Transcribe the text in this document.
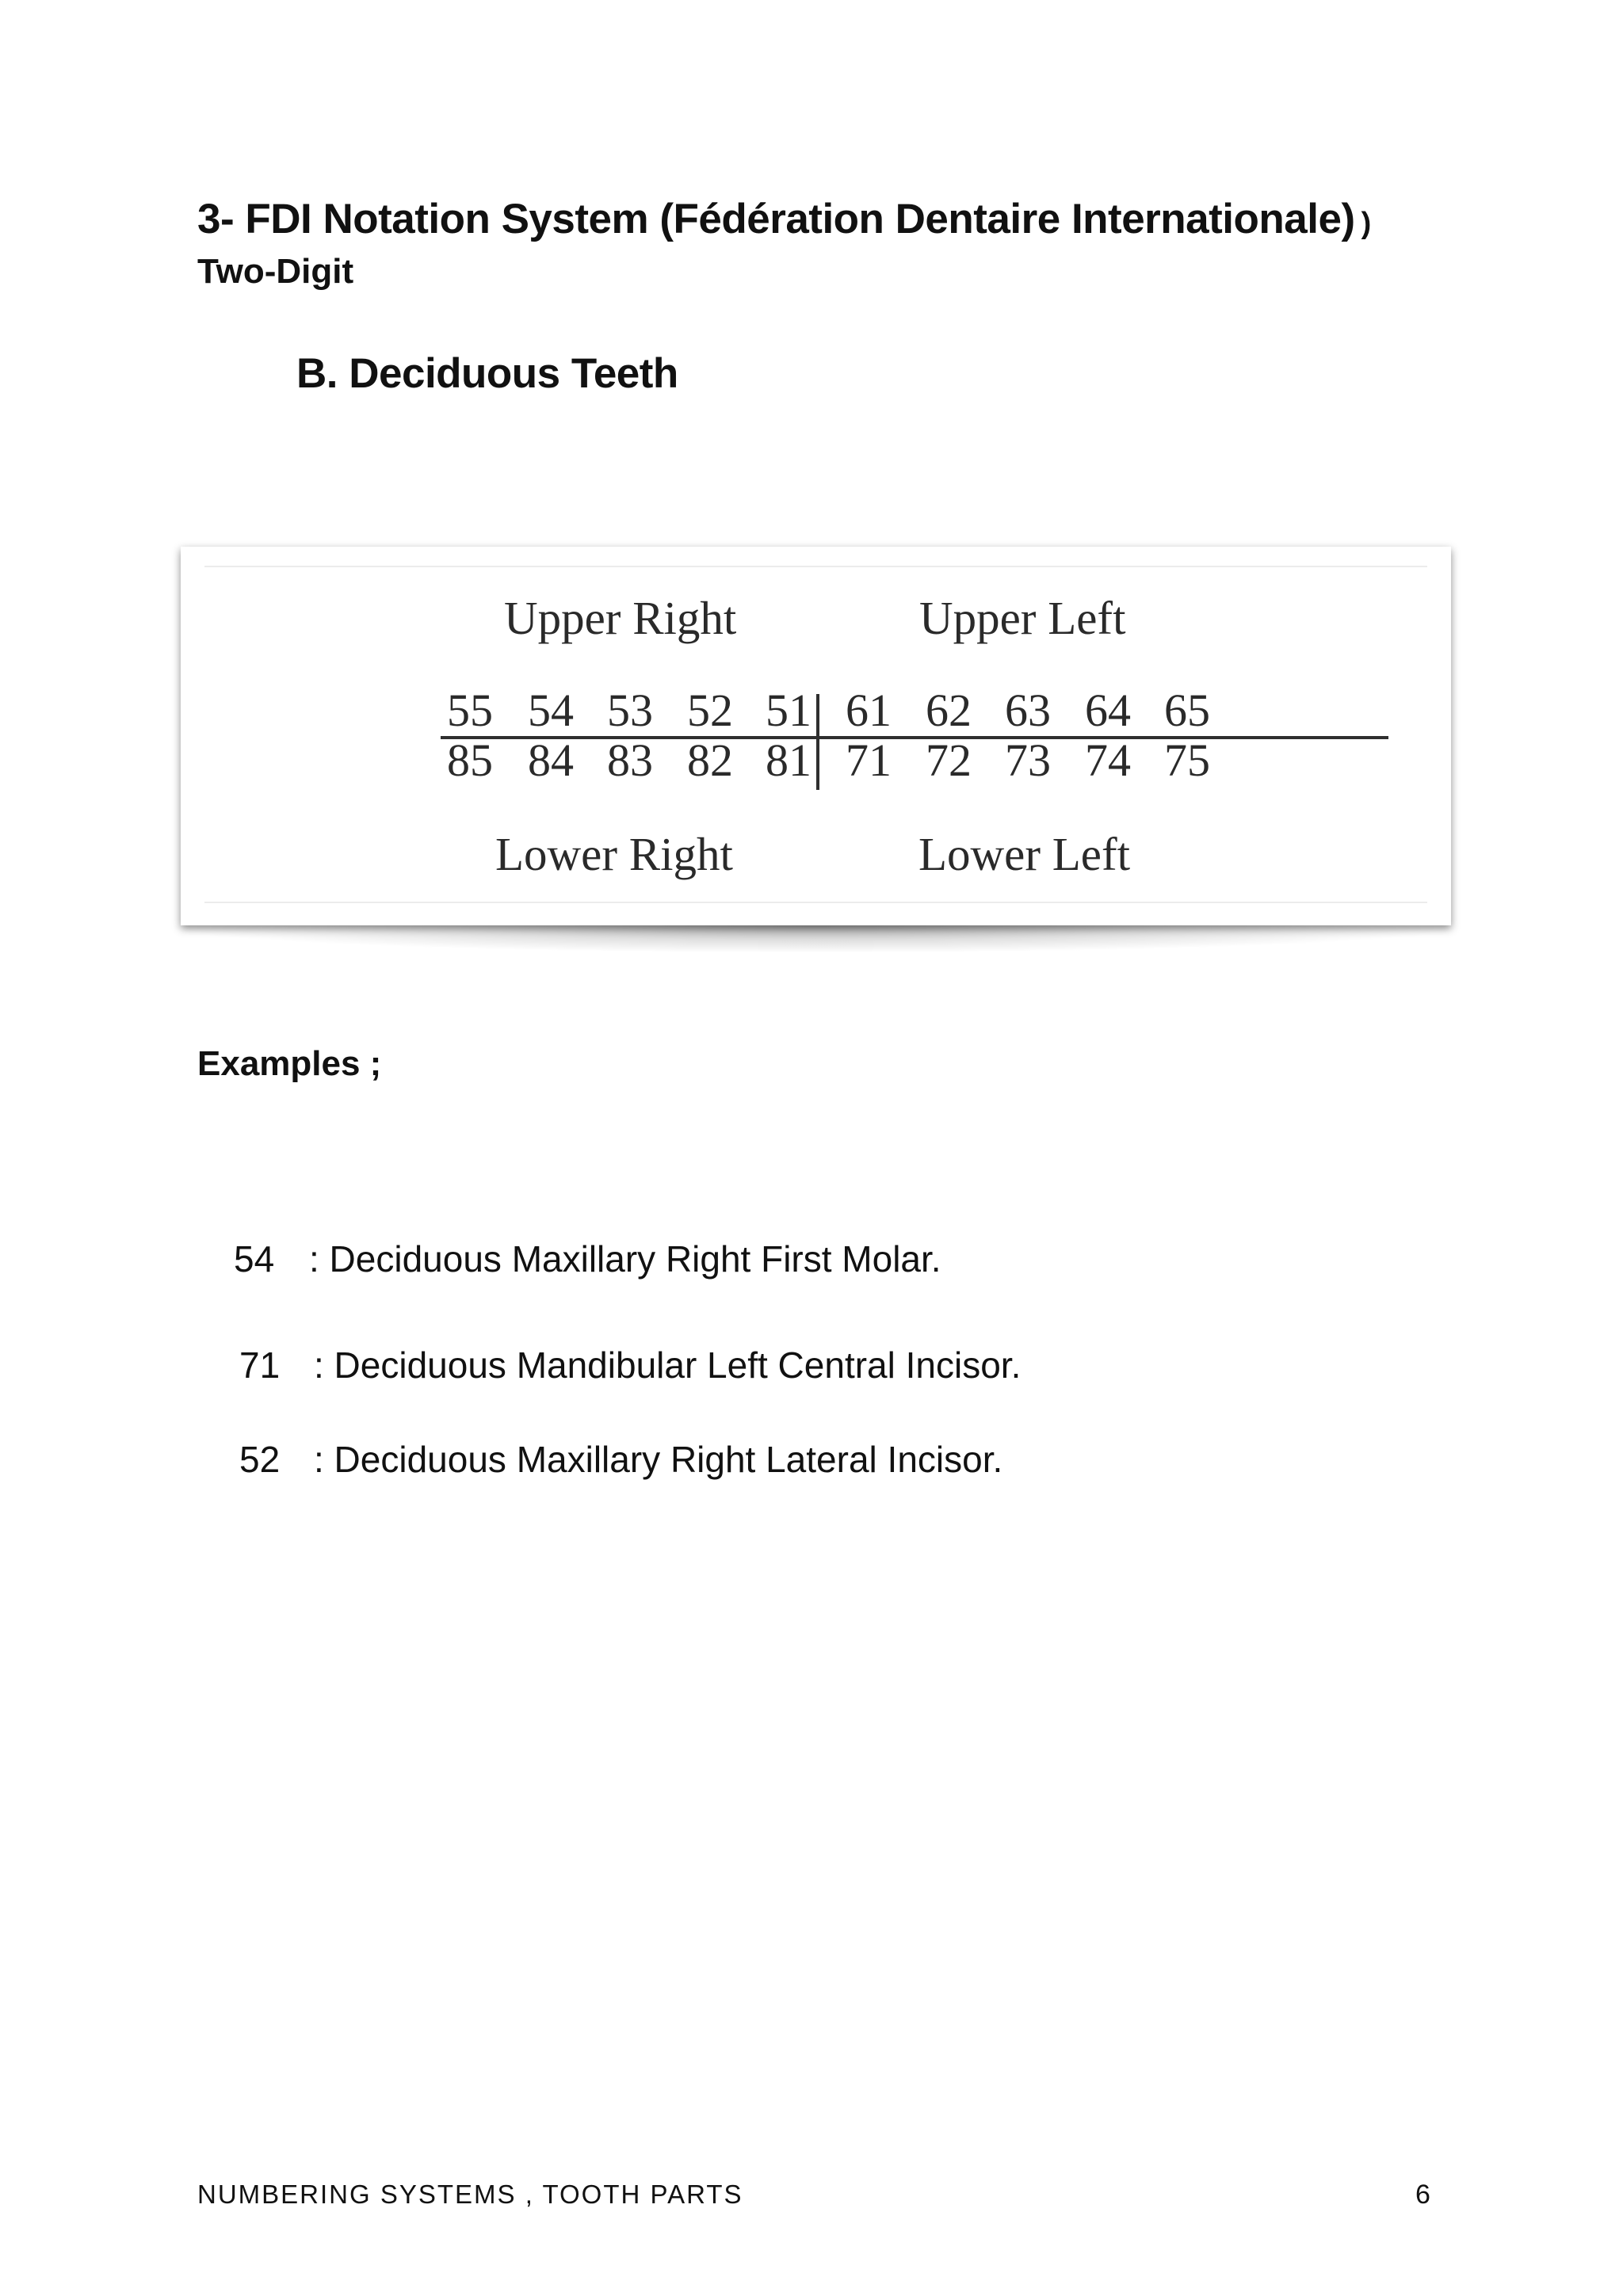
3- FDI Notation System (Fédération Dentaire Internationale) )
Two-Digit
B. Deciduous Teeth
Upper Right	Upper Left
55 54 53 52 51 61 62 63 64 65
85 84 83 82 81 71 72 73 74 75
Lower Right	Lower Left
Examples ;
54 : Deciduous Maxillary Right First Molar.
71 : Deciduous Mandibular Left Central Incisor.
52 : Deciduous Maxillary Right Lateral Incisor.
NUMBERING SYSTEMS , TOOTH PARTS	6
